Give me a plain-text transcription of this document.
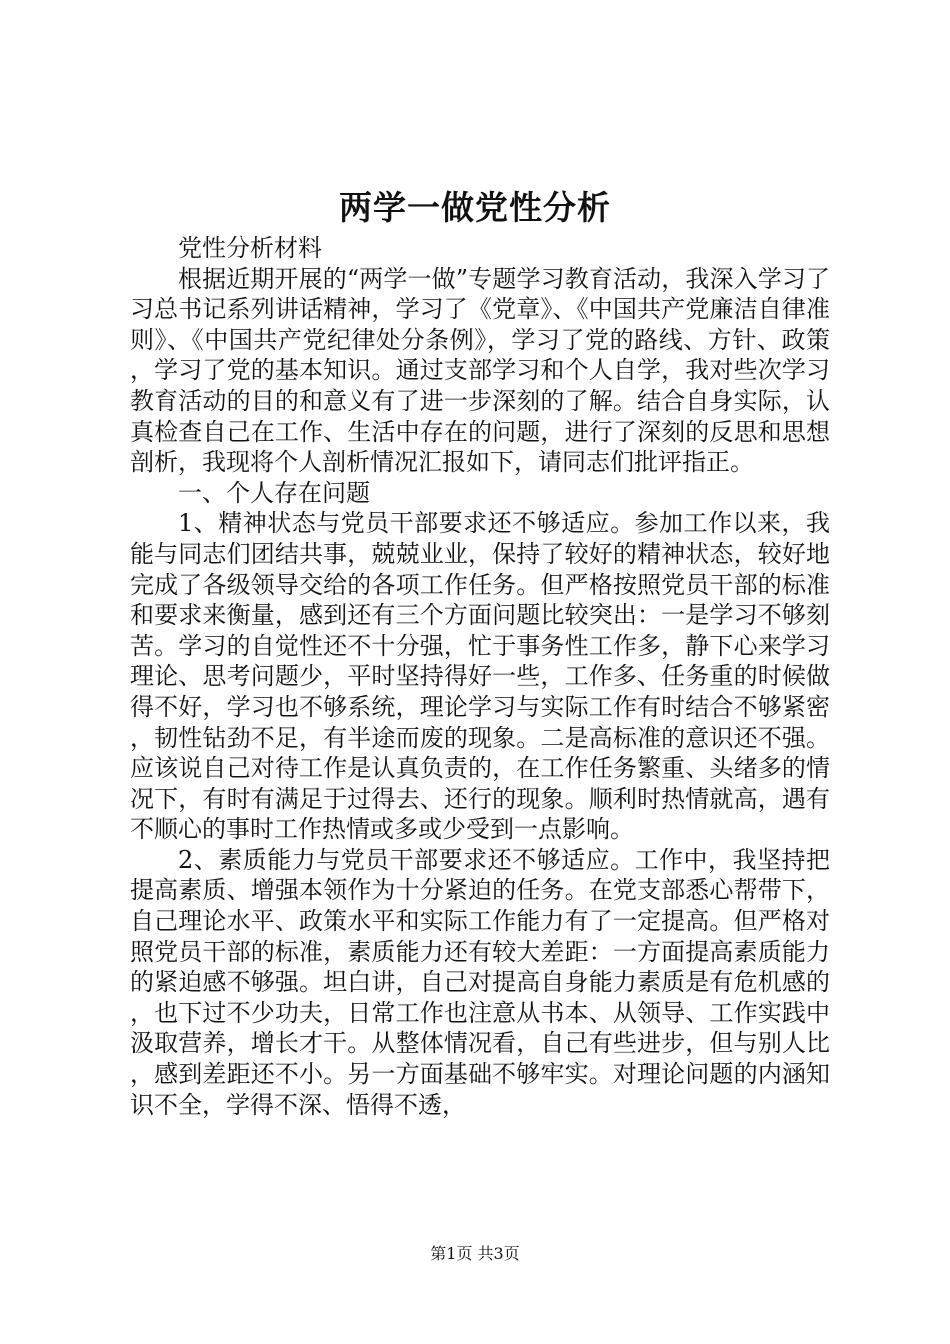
两学一做党性分析

党性分析材料

根据近期开展的“两学一做”专题学习教育活动，我深入学习了习总书记系列讲话精神，学习了《党章》、《中国共产党廉洁自律准则》、《中国共产党纪律处分条例》，学习了党的路线、方针、政策，学习了党的基本知识。通过支部学习和个人自学，我对些次学习教育活动的目的和意义有了进一步深刻的了解。结合自身实际，认真检查自己在工作、生活中存在的问题，进行了深刻的反思和思想剖析，我现将个人剖析情况汇报如下，请同志们批评指正。

一、个人存在问题

1、精神状态与党员干部要求还不够适应。参加工作以来，我能与同志们团结共事，兢兢业业，保持了较好的精神状态，较好地完成了各级领导交给的各项工作任务。但严格按照党员干部的标准和要求来衡量，感到还有三个方面问题比较突出：一是学习不够刻苦。学习的自觉性还不十分强，忙于事务性工作多，静下心来学习理论、思考问题少，平时坚持得好一些，工作多、任务重的时候做得不好，学习也不够系统，理论学习与实际工作有时结合不够紧密，韧性钻劲不足，有半途而废的现象。二是高标准的意识还不强。应该说自己对待工作是认真负责的，在工作任务繁重、头绪多的情况下，有时有满足于过得去、还行的现象。顺利时热情就高，遇有不顺心的事时工作热情或多或少受到一点影响。

2、素质能力与党员干部要求还不够适应。工作中，我坚持把提高素质、增强本领作为十分紧迫的任务。在党支部悉心帮带下，自己理论水平、政策水平和实际工作能力有了一定提高。但严格对照党员干部的标准，素质能力还有较大差距：一方面提高素质能力的紧迫感不够强。坦白讲，自己对提高自身能力素质是有危机感的，也下过不少功夫，日常工作也注意从书本、从领导、工作实践中汲取营养，增长才干。从整体情况看，自己有些进步，但与别人比，感到差距还不小。另一方面基础不够牢实。对理论问题的内涵知识不全，学得不深、悟得不透，

第1页 共3页
